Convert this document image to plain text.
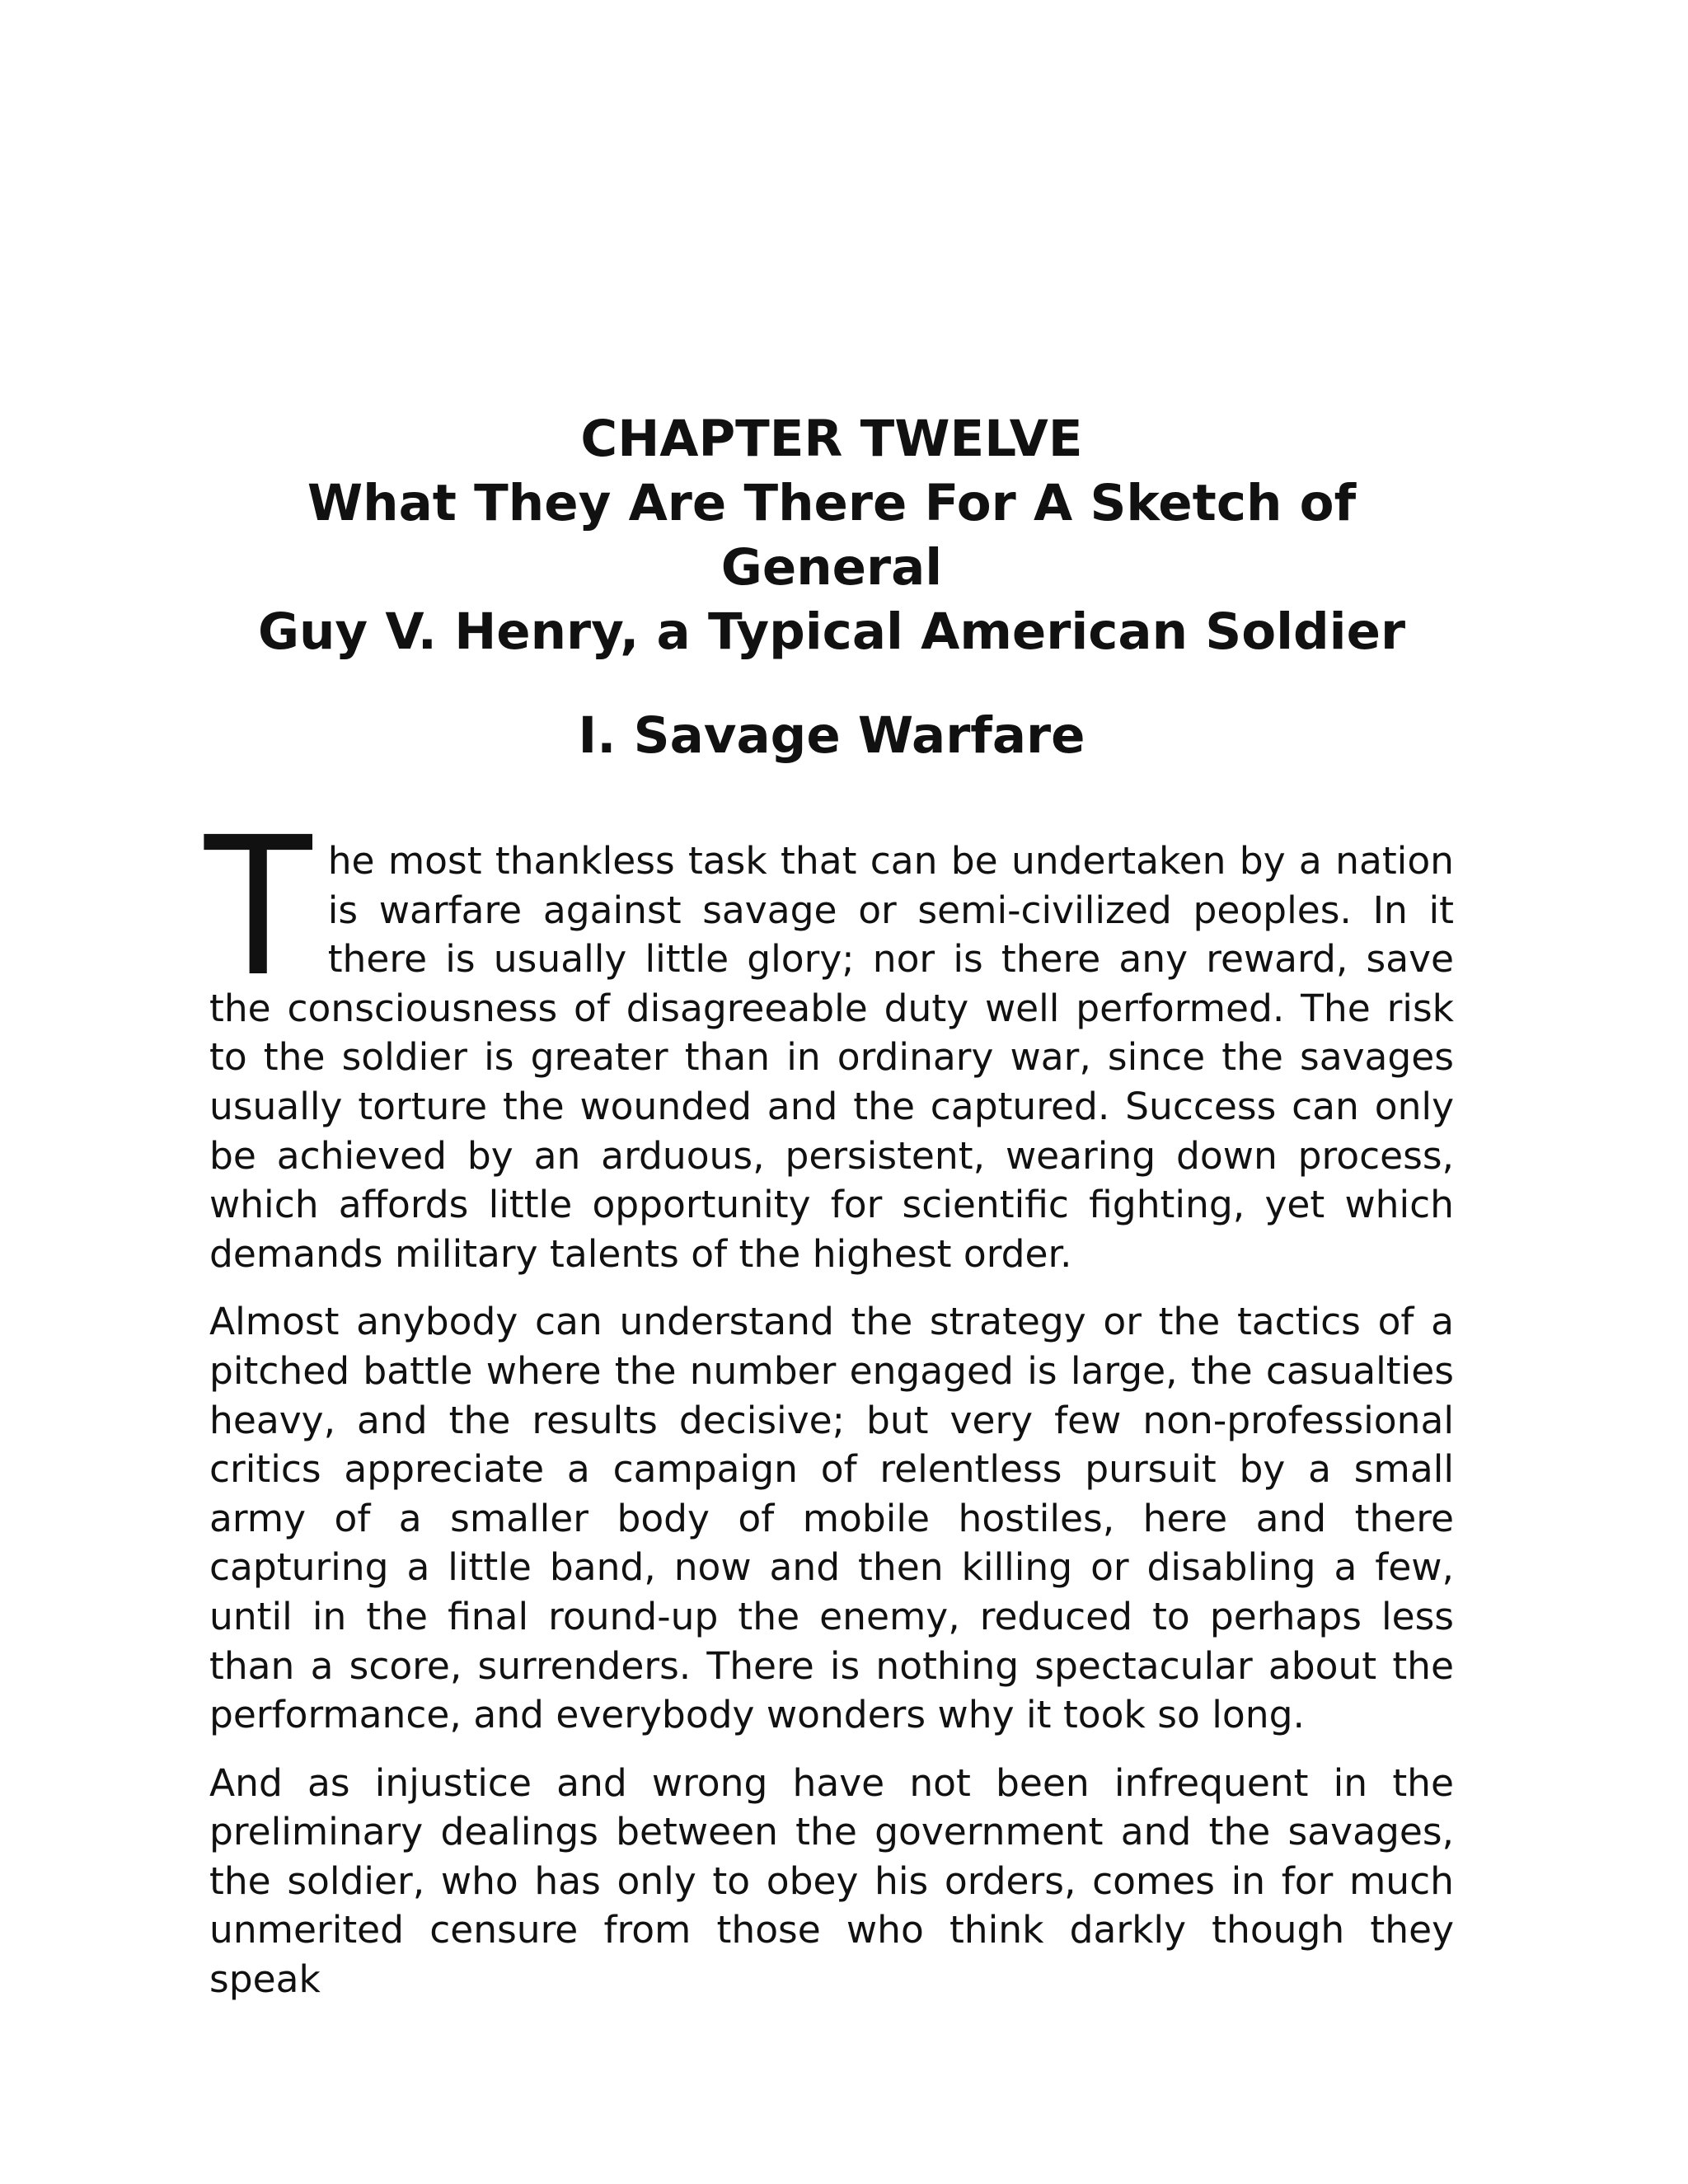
CHAPTER TWELVE
What They Are There For A Sketch of General
Guy V. Henry, a Typical American Soldier
I. Savage Warfare

The most thankless task that can be undertaken by a nation is warfare against savage or semi-civilized peoples. In it there is usually little glory; nor is there any reward, save the consciousness of disagreeable duty well performed. The risk to the soldier is greater than in ordinary war, since the savages usually torture the wounded and the captured. Success can only be achieved by an arduous, persistent, wearing down process, which affords little opportunity for scientific fighting, yet which demands military talents of the highest order.

Almost anybody can understand the strategy or the tactics of a pitched battle where the number engaged is large, the casualties heavy, and the results decisive; but very few non-professional critics appreciate a campaign of relentless pursuit by a small army of a smaller body of mobile hostiles, here and there capturing a little band, now and then killing or disabling a few, until in the final round-up the enemy, reduced to perhaps less than a score, surrenders. There is nothing spectacular about the performance, and everybody wonders why it took so long.

And as injustice and wrong have not been infrequent in the preliminary dealings between the government and the savages, the soldier, who has only to obey his orders, comes in for much unmerited censure from those who think darkly though they speak
